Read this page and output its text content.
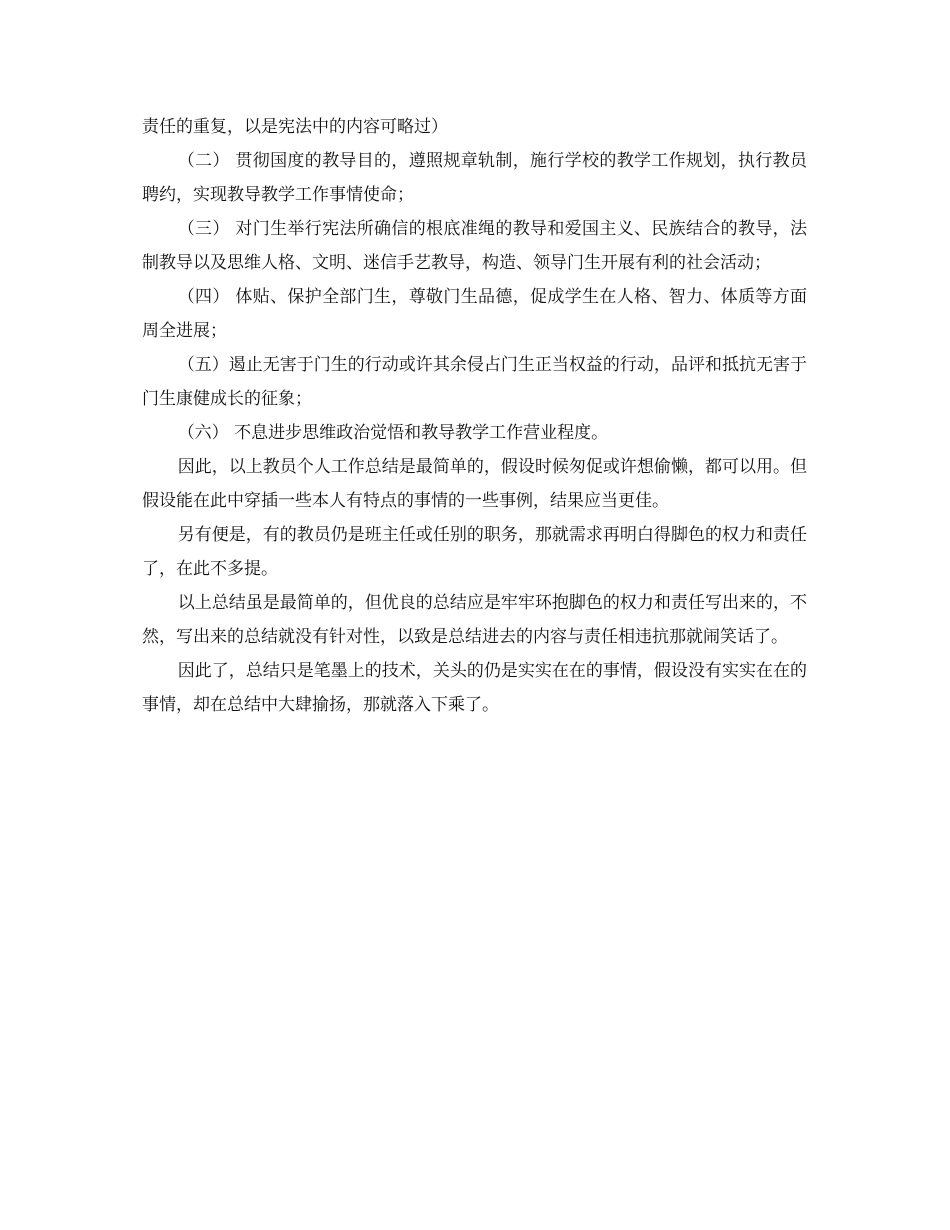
责任的重复，以是宪法中的内容可略过）

（二） 贯彻国度的教导目的，遵照规章轨制，施行学校的教学工作规划，执行教员聘约，实现教导教学工作事情使命；

（三） 对门生举行宪法所确信的根底准绳的教导和爱国主义、民族结合的教导，法制教导以及思维人格、文明、迷信手艺教导，构造、领导门生开展有利的社会活动；

（四） 体贴、保护全部门生，尊敬门生品德，促成学生在人格、智力、体质等方面周全进展；

（五）遏止无害于门生的行动或许其余侵占门生正当权益的行动，品评和抵抗无害于门生康健成长的征象；

（六） 不息进步思维政治觉悟和教导教学工作营业程度。

因此，以上教员个人工作总结是最简单的，假设时候匆促或许想偷懒，都可以用。但假设能在此中穿插一些本人有特点的事情的一些事例，结果应当更佳。

另有便是，有的教员仍是班主任或任别的职务，那就需求再明白得脚色的权力和责任了，在此不多提。

以上总结虽是最简单的，但优良的总结应是牢牢环抱脚色的权力和责任写出来的，不然，写出来的总结就没有针对性，以致是总结进去的内容与责任相违抗那就闹笑话了。

因此了，总结只是笔墨上的技术，关头的仍是实实在在的事情，假设没有实实在在的事情，却在总结中大肆揄扬，那就落入下乘了。
